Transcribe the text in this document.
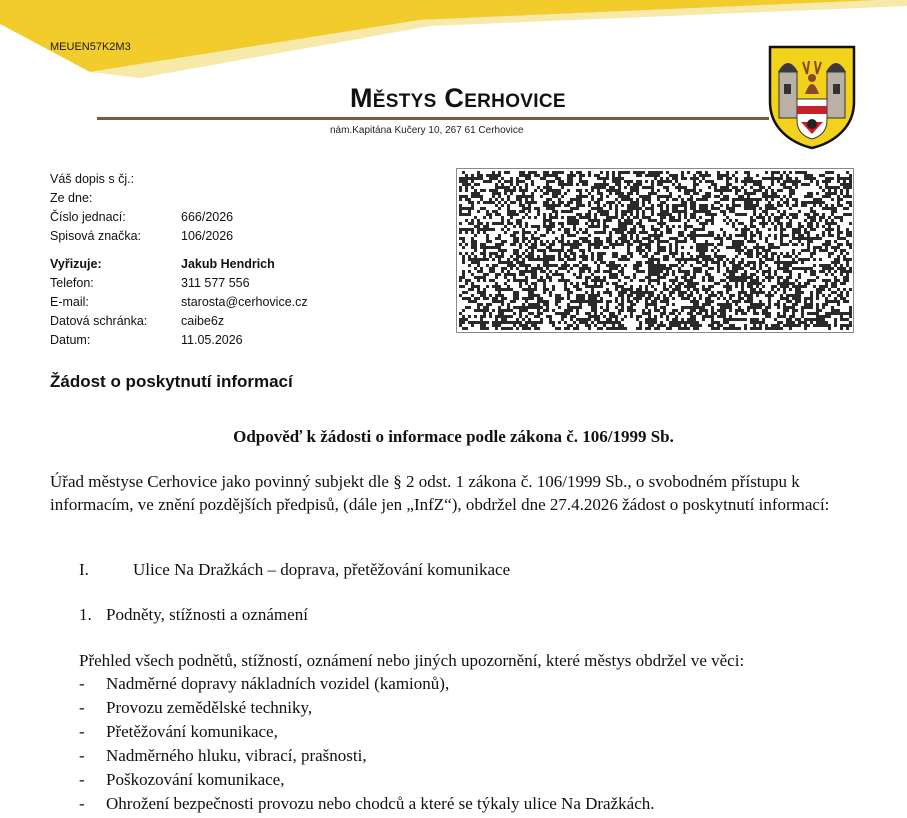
MEUEN57K2M3
Městys Cerhovice
nám.Kapitána Kučery 10, 267 61 Cerhovice
Váš dopis s čj.:
Ze dne:
Číslo jednací:	666/2026
Spisová značka:	106/2026
Vyřizuje:	Jakub Hendrich
Telefon:	311 577 556
E-mail:	starosta@cerhovice.cz
Datová schránka:	caibe6z
Datum:	11.05.2026
Žádost o poskytnutí informací
Odpověď k žádosti o informace podle zákona č. 106/1999 Sb.
Úřad městyse Cerhovice jako povinný subjekt dle § 2 odst. 1 zákona č. 106/1999 Sb., o svobodném přístupu k informacím, ve znění pozdějších předpisů, (dále jen „InfZ“), obdržel dne 27.4.2026 žádost o poskytnutí informací:
I.	Ulice Na Dražkách – doprava, přetěžování komunikace
1. Podněty, stížnosti a oznámení
Přehled všech podnětů, stížností, oznámení nebo jiných upozornění, které městys obdržel ve věci:
- Nadměrné dopravy nákladních vozidel (kamionů),
- Provozu zemědělské techniky,
- Přetěžování komunikace,
- Nadměrného hluku, vibrací, prašnosti,
- Poškozování komunikace,
- Ohrožení bezpečnosti provozu nebo chodců a které se týkaly ulice Na Dražkách.
